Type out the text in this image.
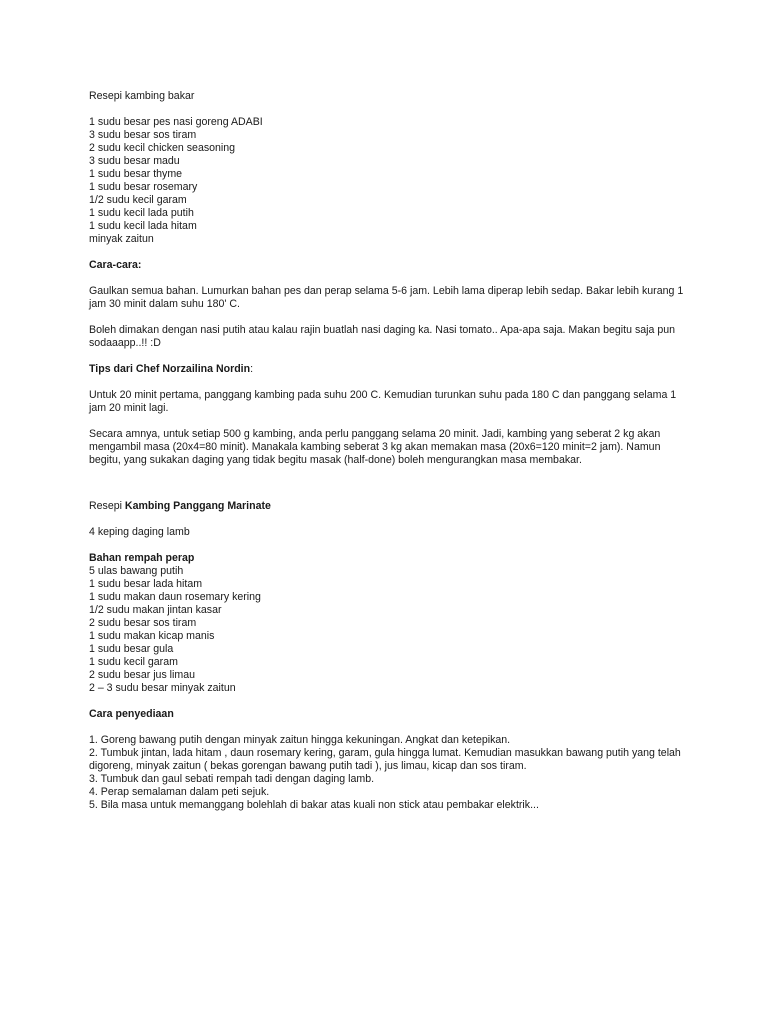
Resepi kambing bakar

1 sudu besar pes nasi goreng ADABI
3 sudu besar sos tiram
2 sudu kecil chicken seasoning
3 sudu besar madu
1 sudu besar thyme
1 sudu besar rosemary
1/2 sudu kecil garam
1 sudu kecil lada putih
1 sudu kecil lada hitam
minyak zaitun

Cara-cara:

Gaulkan semua bahan. Lumurkan bahan pes dan perap selama 5-6 jam. Lebih lama diperap lebih sedap. Bakar lebih kurang 1 jam 30 minit dalam suhu 180' C.

Boleh dimakan dengan nasi putih atau kalau rajin buatlah nasi daging ka. Nasi tomato.. Apa-apa saja. Makan begitu saja pun sodaaapp..!! :D

Tips dari Chef Norzailina Nordin:

Untuk 20 minit pertama, panggang kambing pada suhu 200 C. Kemudian turunkan suhu pada 180 C dan panggang selama 1 jam 20 minit lagi.

Secara amnya, untuk setiap 500 g kambing, anda perlu panggang selama 20 minit. Jadi, kambing yang seberat 2 kg akan mengambil masa (20x4=80 minit). Manakala kambing seberat 3 kg akan memakan masa (20x6=120 minit=2 jam). Namun begitu, yang sukakan daging yang tidak begitu masak (half-done) boleh mengurangkan masa membakar.

Resepi Kambing Panggang Marinate

4 keping daging lamb

Bahan rempah perap

5 ulas bawang putih
1 sudu besar lada hitam
1 sudu makan daun rosemary kering
1/2 sudu makan jintan kasar
2 sudu besar sos tiram
1 sudu makan kicap manis
1 sudu besar gula
1 sudu kecil garam
2 sudu besar jus limau
2 – 3 sudu besar minyak zaitun

Cara penyediaan

1. Goreng bawang putih dengan minyak zaitun hingga kekuningan. Angkat dan ketepikan.
2. Tumbuk jintan, lada hitam , daun rosemary kering, garam, gula hingga lumat. Kemudian masukkan bawang putih yang telah digoreng, minyak zaitun ( bekas gorengan bawang putih tadi ), jus limau, kicap dan sos tiram.
3. Tumbuk dan gaul sebati rempah tadi dengan daging lamb.
4. Perap semalaman dalam peti sejuk.
5. Bila masa untuk memanggang bolehlah di bakar atas kuali non stick atau pembakar elektrik...
